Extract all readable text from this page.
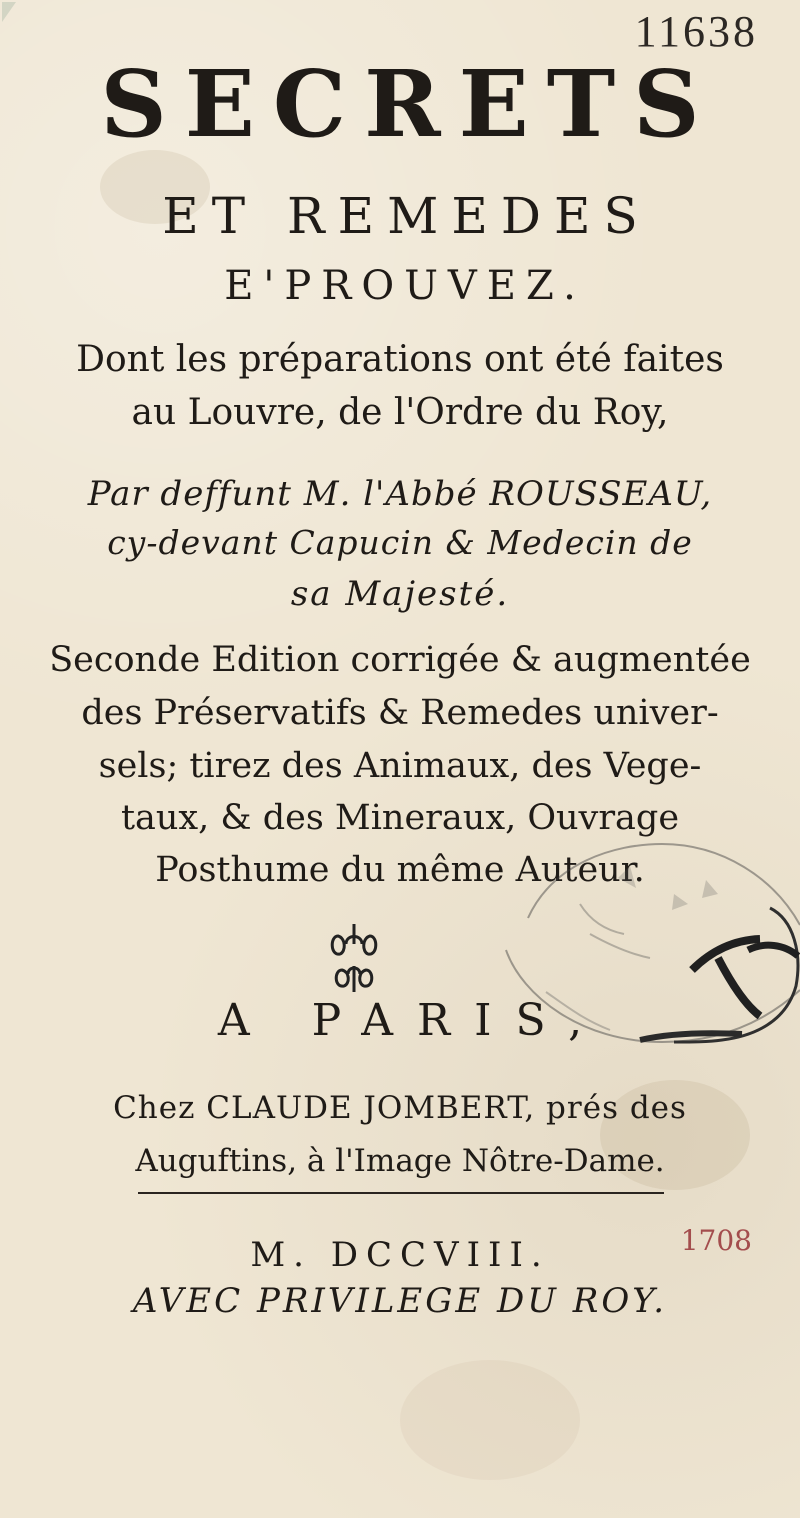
11638
SECRETS
ET REMEDES
E'PROUVEZ.
Dont les préparations ont été faites
au Louvre, de l'Ordre du Roy,
Par deffunt M. l'Abbé ROUSSEAU,
cy-devant Capucin & Medecin de
sa Majesté.
Seconde Edition corrigée & augmentée
des Préservatifs & Remedes univer-
sels; tirez des Animaux, des Vege-
taux, & des Mineraux, Ouvrage
Posthume du même Auteur.
A PARIS,
Chez CLAUDE JOMBERT, prés des
Auguftins, à l'Image Nôtre-Dame.
M. DCCVIII.	1708
AVEC PRIVILEGE DU ROY.
